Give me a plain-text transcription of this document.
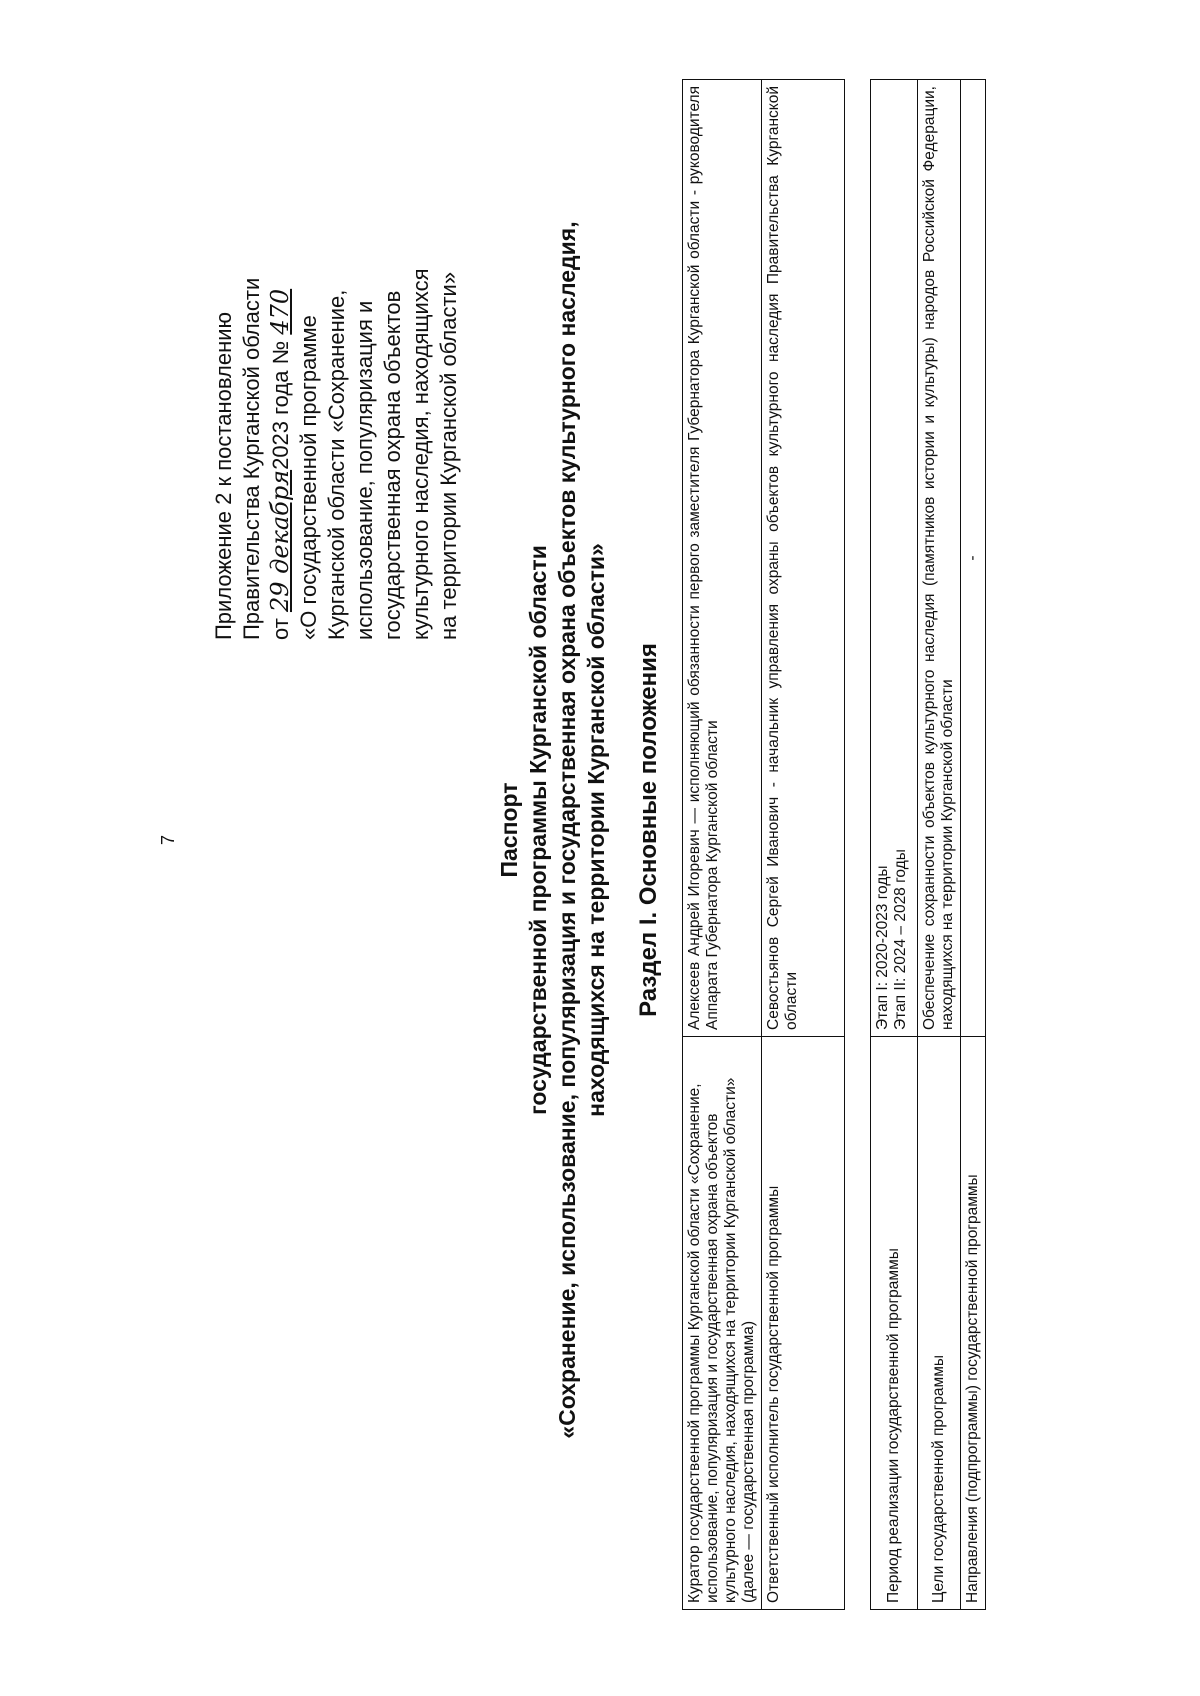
7
Приложение 2 к постановлению Правительства Курганской области от 29 декабря2023 года № 470
«О государственной программе Курганской области «Сохранение, использование, популяризация и государственная охрана объектов культурного наследия, находящихся на территории Курганской области»
Паспорт государственной программы Курганской области «Сохранение, использование, популяризация и государственная охрана объектов культурного наследия, находящихся на территории Курганской области» Раздел I. Основные положения
Куратор государственной программы Курганской области «Сохранение, использование, популяризация и государственная охрана объектов культурного наследия, находящихся на территории Курганской области» (далее — государственная программа)	Алексеев Андрей Игоревич — исполняющий обязанности первого заместителя Губернатора Курганской области - руководителя Аппарата Губернатора Курганской области
Ответственный исполнитель государственной программы	Севостьянов Сергей Иванович - начальник управления охраны объектов культурного наследия Правительства Курганской области
Период реализации государственной программы	Этап I: 2020-2023 годы Этап II: 2024 – 2028 годы

Цели государственной программы	Обеспечение сохранности объектов культурного наследия (памятников истории и культуры) народов Российской Федерации, находящихся на территории Курганской области
Направления (подпрограммы) государственной программы	-
